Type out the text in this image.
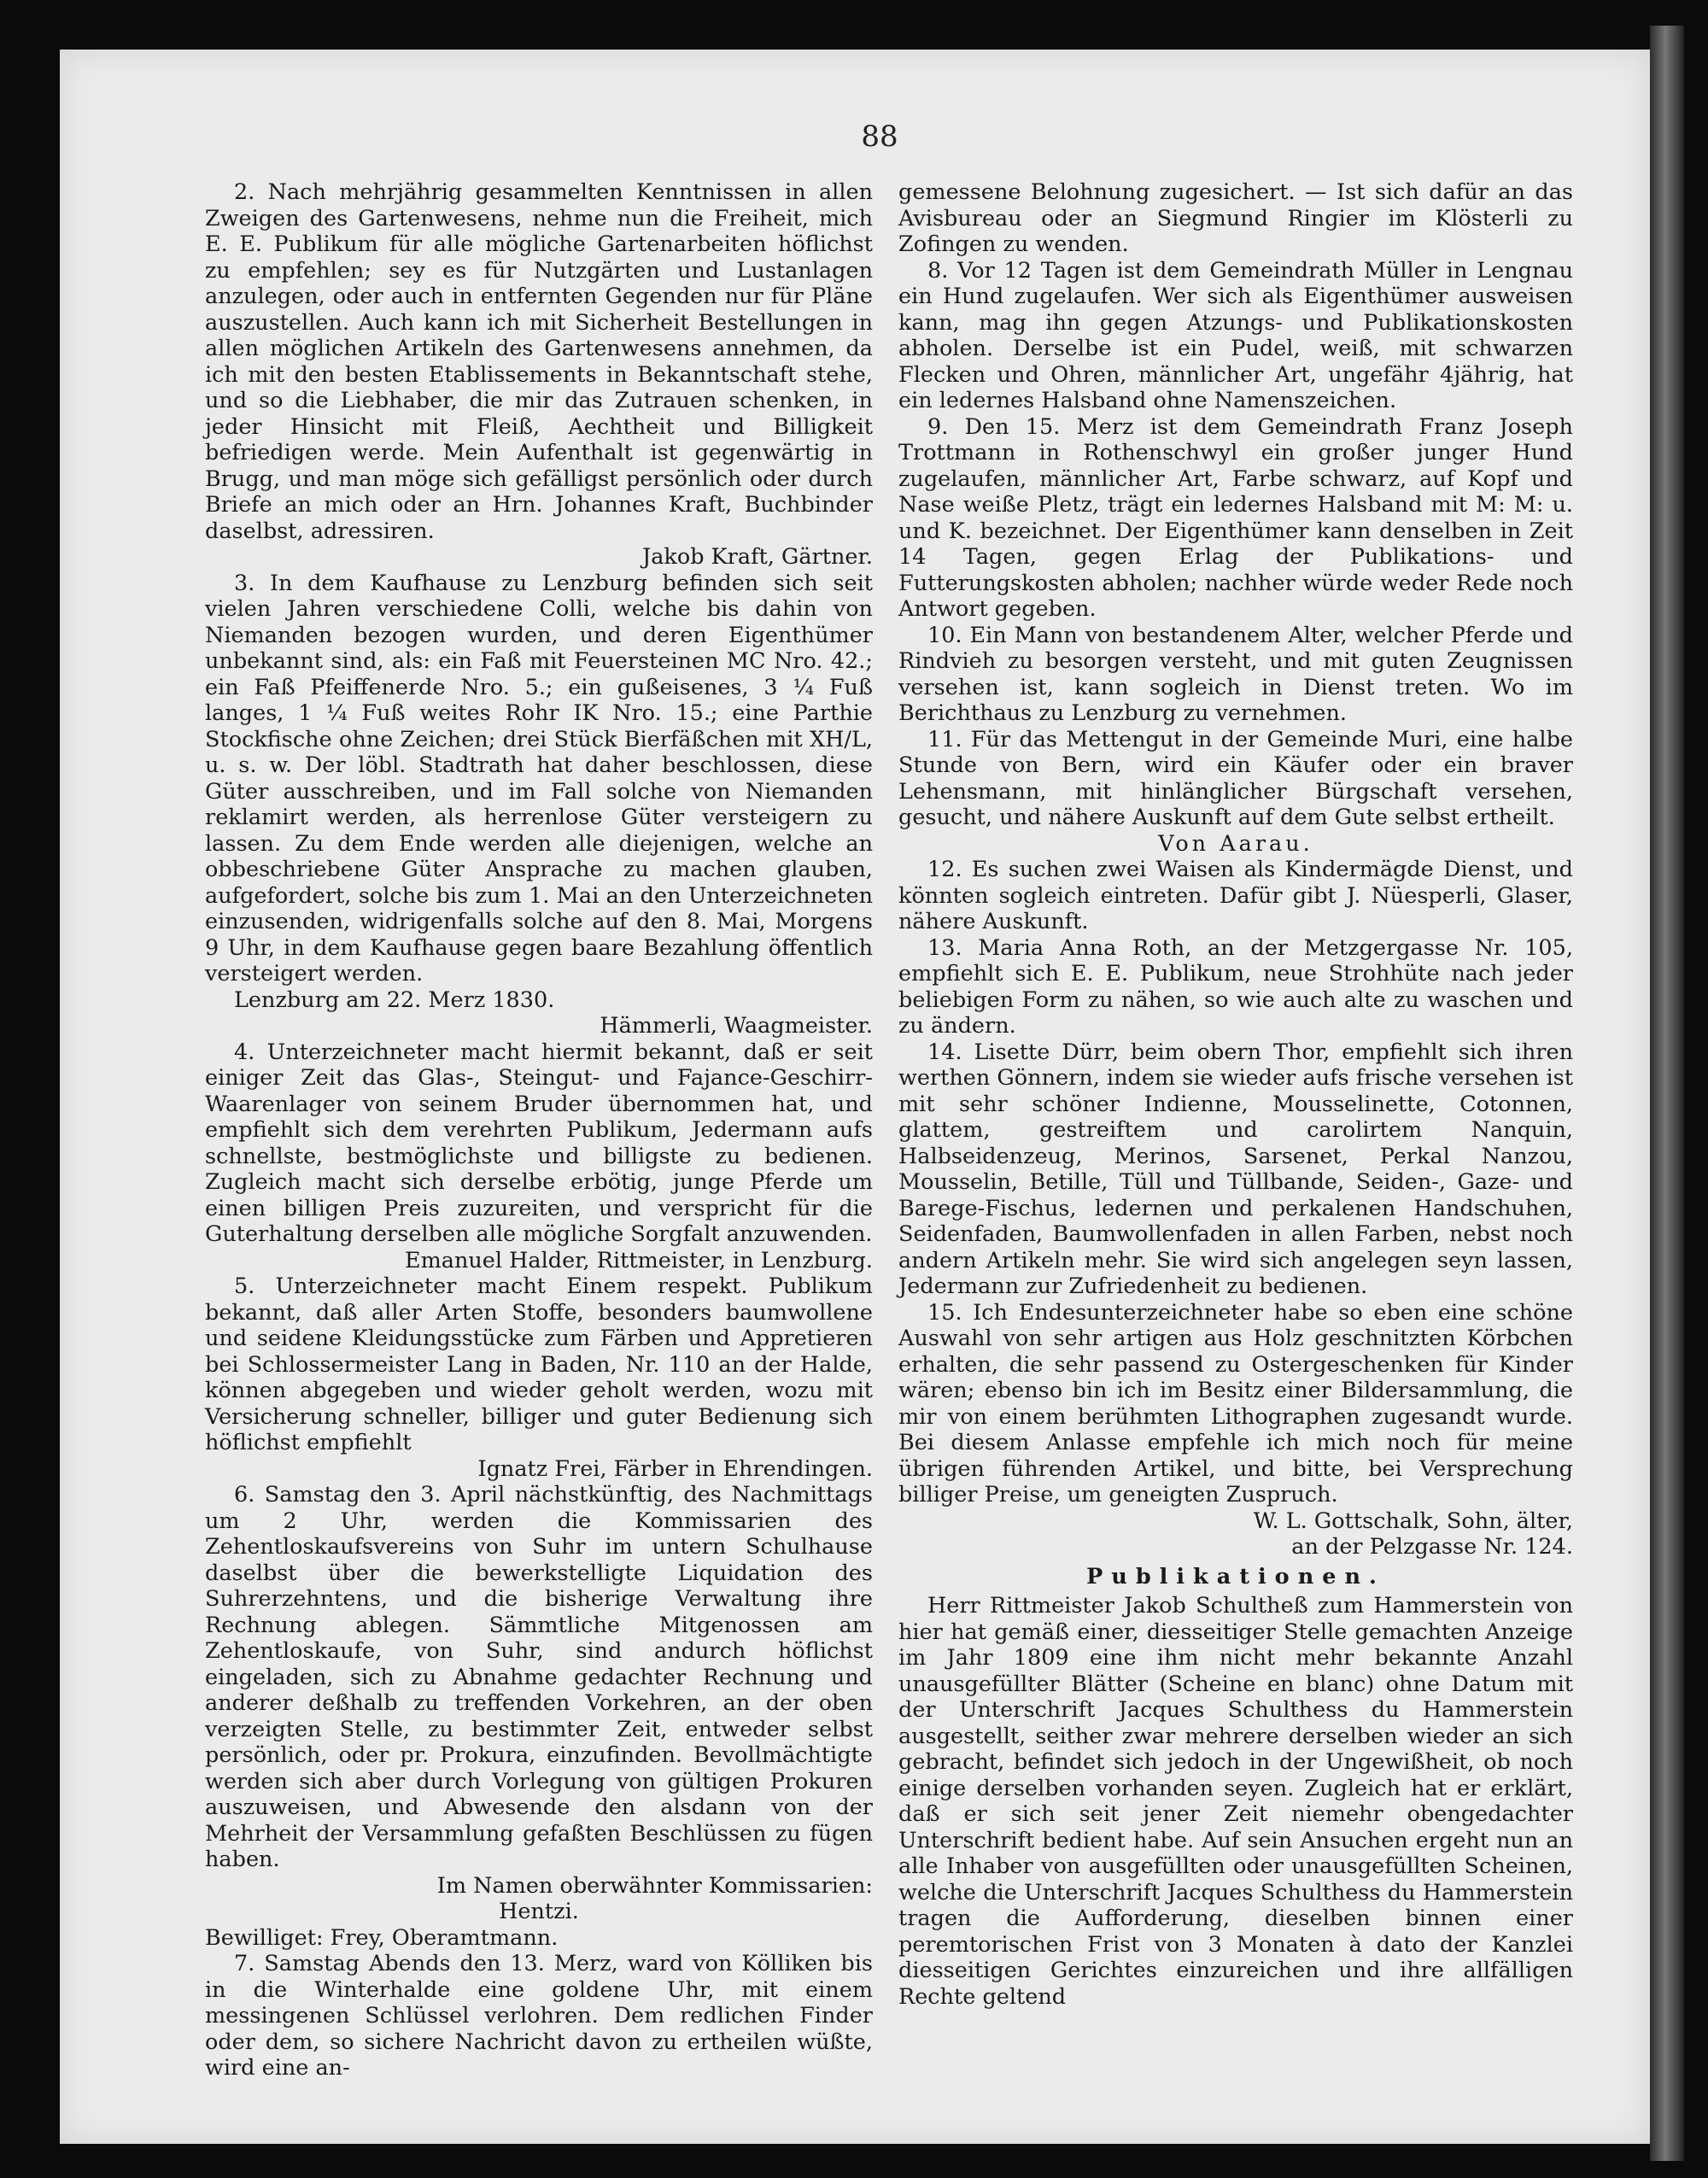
88

2. Nach mehrjährig gesammelten Kenntnissen in allen Zweigen des Gartenwesens, nehme nun die Freiheit, mich E. E. Publikum für alle mögliche Gartenarbeiten höflichst zu empfehlen; sey es für Nutzgärten und Lustanlagen anzulegen, oder auch in entfernten Gegenden nur für Pläne auszustellen. Auch kann ich mit Sicherheit Bestellungen in allen möglichen Artikeln des Gartenwesens annehmen, da ich mit den besten Etablissements in Bekanntschaft stehe, und so die Liebhaber, die mir das Zutrauen schenken, in jeder Hinsicht mit Fleiß, Aechtheit und Billigkeit befriedigen werde. Mein Aufenthalt ist gegenwärtig in Brugg, und man möge sich gefälligst persönlich oder durch Briefe an mich oder an Hrn. Johannes Kraft, Buchbinder daselbst, adressiren.

Jakob Kraft, Gärtner.

3. In dem Kaufhause zu Lenzburg befinden sich seit vielen Jahren verschiedene Colli, welche bis dahin von Niemanden bezogen wurden, und deren Eigenthümer unbekannt sind, als: ein Faß mit Feuersteinen MC Nro. 42.; ein Faß Pfeiffenerde Nro. 5.; ein gußeisenes, 3 ¼ Fuß langes, 1 ¼ Fuß weites Rohr IK Nro. 15.; eine Parthie Stockfische ohne Zeichen; drei Stück Bierfäßchen mit XH/L, u. s. w. Der löbl. Stadtrath hat daher beschlossen, diese Güter ausschreiben, und im Fall solche von Niemanden reklamirt werden, als herrenlose Güter versteigern zu lassen. Zu dem Ende werden alle diejenigen, welche an obbeschriebene Güter Ansprache zu machen glauben, aufgefordert, solche bis zum 1. Mai an den Unterzeichneten einzusenden, widrigenfalls solche auf den 8. Mai, Morgens 9 Uhr, in dem Kaufhause gegen baare Bezahlung öffentlich versteigert werden.

Lenzburg am 22. Merz 1830.

Hämmerli, Waagmeister.

4. Unterzeichneter macht hiermit bekannt, daß er seit einiger Zeit das Glas-, Steingut- und Fajance-Geschirr-Waarenlager von seinem Bruder übernommen hat, und empfiehlt sich dem verehrten Publikum, Jedermann aufs schnellste, bestmöglichste und billigste zu bedienen. Zugleich macht sich derselbe erbötig, junge Pferde um einen billigen Preis zuzureiten, und verspricht für die Guterhaltung derselben alle mögliche Sorgfalt anzuwenden.

Emanuel Halder, Rittmeister, in Lenzburg.

5. Unterzeichneter macht Einem respekt. Publikum bekannt, daß aller Arten Stoffe, besonders baumwollene und seidene Kleidungsstücke zum Färben und Appretieren bei Schlossermeister Lang in Baden, Nr. 110 an der Halde, können abgegeben und wieder geholt werden, wozu mit Versicherung schneller, billiger und guter Bedienung sich höflichst empfiehlt

Ignatz Frei, Färber in Ehrendingen.

6. Samstag den 3. April nächstkünftig, des Nachmittags um 2 Uhr, werden die Kommissarien des Zehentloskaufsvereins von Suhr im untern Schulhause daselbst über die bewerkstelligte Liquidation des Suhrerzehntens, und die bisherige Verwaltung ihre Rechnung ablegen. Sämmtliche Mitgenossen am Zehentloskaufe, von Suhr, sind andurch höflichst eingeladen, sich zu Abnahme gedachter Rechnung und anderer deßhalb zu treffenden Vorkehren, an der oben verzeigten Stelle, zu bestimmter Zeit, entweder selbst persönlich, oder pr. Prokura, einzufinden. Bevollmächtigte werden sich aber durch Vorlegung von gültigen Prokuren auszuweisen, und Abwesende den alsdann von der Mehrheit der Versammlung gefaßten Beschlüssen zu fügen haben.

Im Namen oberwähnter Kommissarien:

Hentzi.

Bewilliget: Frey, Oberamtmann.

7. Samstag Abends den 13. Merz, ward von Kölliken bis in die Winterhalde eine goldene Uhr, mit einem messingenen Schlüssel verlohren. Dem redlichen Finder oder dem, so sichere Nachricht davon zu ertheilen wüßte, wird eine an-

gemessene Belohnung zugesichert. — Ist sich dafür an das Avisbureau oder an Siegmund Ringier im Klösterli zu Zofingen zu wenden.

8. Vor 12 Tagen ist dem Gemeindrath Müller in Lengnau ein Hund zugelaufen. Wer sich als Eigenthümer ausweisen kann, mag ihn gegen Atzungs- und Publikationskosten abholen. Derselbe ist ein Pudel, weiß, mit schwarzen Flecken und Ohren, männlicher Art, ungefähr 4jährig, hat ein ledernes Halsband ohne Namenszeichen.

9. Den 15. Merz ist dem Gemeindrath Franz Joseph Trottmann in Rothenschwyl ein großer junger Hund zugelaufen, männlicher Art, Farbe schwarz, auf Kopf und Nase weiße Pletz, trägt ein ledernes Halsband mit M: M: u. und K. bezeichnet. Der Eigenthümer kann denselben in Zeit 14 Tagen, gegen Erlag der Publikations- und Futterungskosten abholen; nachher würde weder Rede noch Antwort gegeben.

10. Ein Mann von bestandenem Alter, welcher Pferde und Rindvieh zu besorgen versteht, und mit guten Zeugnissen versehen ist, kann sogleich in Dienst treten. Wo im Berichthaus zu Lenzburg zu vernehmen.

11. Für das Mettengut in der Gemeinde Muri, eine halbe Stunde von Bern, wird ein Käufer oder ein braver Lehensmann, mit hinlänglicher Bürgschaft versehen, gesucht, und nähere Auskunft auf dem Gute selbst ertheilt.

Von Aarau.

12. Es suchen zwei Waisen als Kindermägde Dienst, und könnten sogleich eintreten. Dafür gibt J. Nüesperli, Glaser, nähere Auskunft.

13. Maria Anna Roth, an der Metzgergasse Nr. 105, empfiehlt sich E. E. Publikum, neue Strohhüte nach jeder beliebigen Form zu nähen, so wie auch alte zu waschen und zu ändern.

14. Lisette Dürr, beim obern Thor, empfiehlt sich ihren werthen Gönnern, indem sie wieder aufs frische versehen ist mit sehr schöner Indienne, Mousselinette, Cotonnen, glattem, gestreiftem und carolirtem Nanquin, Halbseidenzeug, Merinos, Sarsenet, Perkal Nanzou, Mousselin, Betille, Tüll und Tüllbande, Seiden-, Gaze- und Barege-Fischus, ledernen und perkalenen Handschuhen, Seidenfaden, Baumwollenfaden in allen Farben, nebst noch andern Artikeln mehr. Sie wird sich angelegen seyn lassen, Jedermann zur Zufriedenheit zu bedienen.

15. Ich Endesunterzeichneter habe so eben eine schöne Auswahl von sehr artigen aus Holz geschnitzten Körbchen erhalten, die sehr passend zu Ostergeschenken für Kinder wären; ebenso bin ich im Besitz einer Bildersammlung, die mir von einem berühmten Lithographen zugesandt wurde. Bei diesem Anlasse empfehle ich mich noch für meine übrigen führenden Artikel, und bitte, bei Versprechung billiger Preise, um geneigten Zuspruch.

W. L. Gottschalk, Sohn, älter,

an der Pelzgasse Nr. 124.

Publikationen.

Herr Rittmeister Jakob Schultheß zum Hammerstein von hier hat gemäß einer, diesseitiger Stelle gemachten Anzeige im Jahr 1809 eine ihm nicht mehr bekannte Anzahl unausgefüllter Blätter (Scheine en blanc) ohne Datum mit der Unterschrift Jacques Schulthess du Hammerstein ausgestellt, seither zwar mehrere derselben wieder an sich gebracht, befindet sich jedoch in der Ungewißheit, ob noch einige derselben vorhanden seyen. Zugleich hat er erklärt, daß er sich seit jener Zeit niemehr obengedachter Unterschrift bedient habe. Auf sein Ansuchen ergeht nun an alle Inhaber von ausgefüllten oder unausgefüllten Scheinen, welche die Unterschrift Jacques Schulthess du Hammerstein tragen die Aufforderung, dieselben binnen einer peremtorischen Frist von 3 Monaten à dato der Kanzlei diesseitigen Gerichtes einzureichen und ihre allfälligen Rechte geltend
